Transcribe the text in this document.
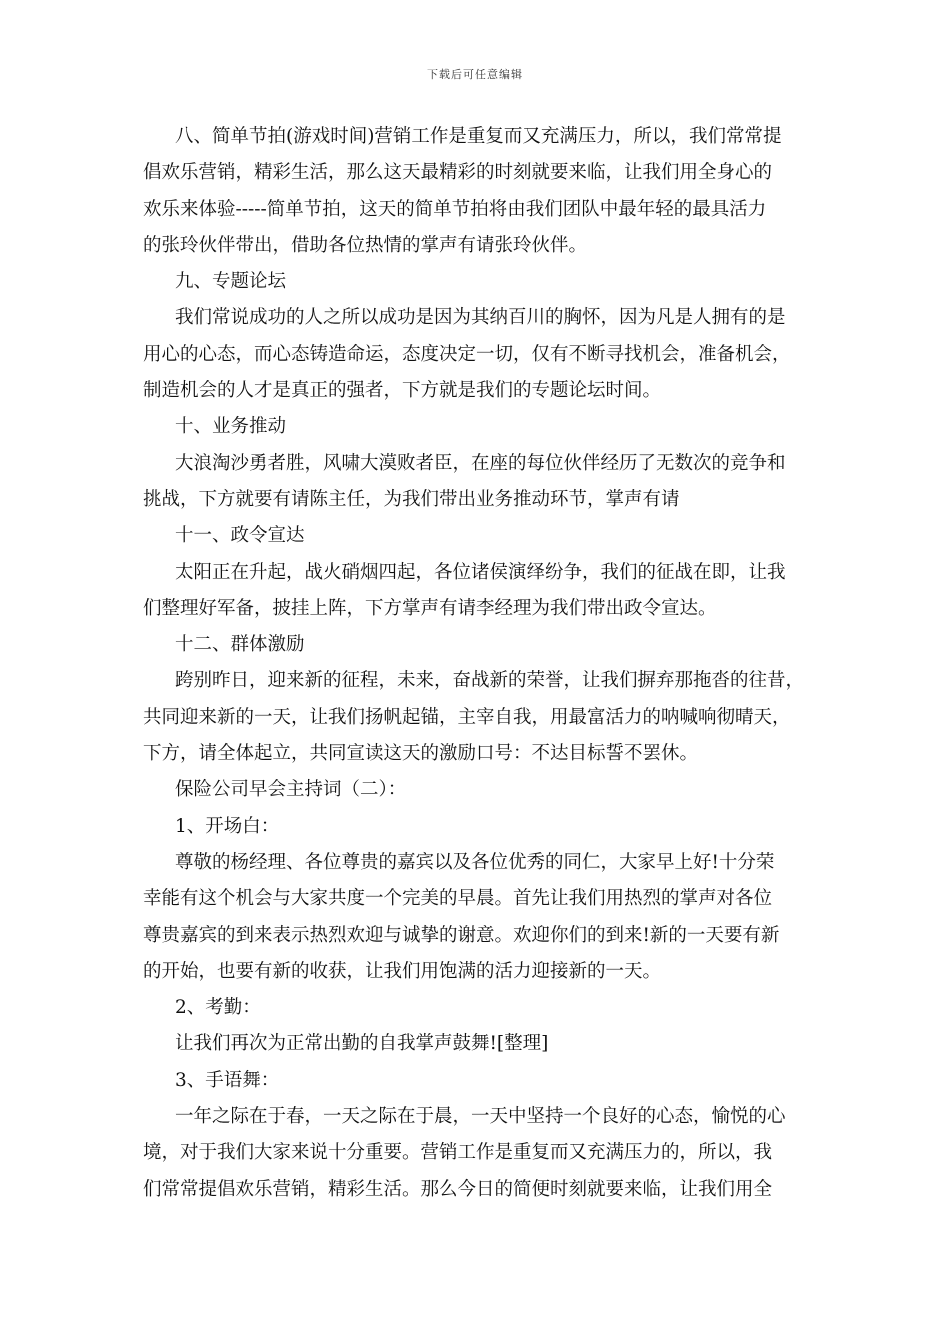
下载后可任意编辑
八、简单节拍(游戏时间)营销工作是重复而又充满压力，所以，我们常常提
倡欢乐营销，精彩生活，那么这天最精彩的时刻就要来临，让我们用全身心的
欢乐来体验-----简单节拍，这天的简单节拍将由我们团队中最年轻的最具活力
的张玲伙伴带出，借助各位热情的掌声有请张玲伙伴。
九、专题论坛
我们常说成功的人之所以成功是因为其纳百川的胸怀，因为凡是人拥有的是
用心的心态，而心态铸造命运，态度决定一切，仅有不断寻找机会，准备机会，
制造机会的人才是真正的强者，下方就是我们的专题论坛时间。
十、业务推动
大浪淘沙勇者胜，风啸大漠败者臣，在座的每位伙伴经历了无数次的竞争和
挑战，下方就要有请陈主任，为我们带出业务推动环节，掌声有请
十一、政令宣达
太阳正在升起，战火硝烟四起，各位诸侯演绎纷争，我们的征战在即，让我
们整理好军备，披挂上阵，下方掌声有请李经理为我们带出政令宣达。
十二、群体激励
跨别昨日，迎来新的征程，未来，奋战新的荣誉，让我们摒弃那拖沓的往昔，
共同迎来新的一天，让我们扬帆起锚，主宰自我，用最富活力的呐喊响彻晴天，
下方，请全体起立，共同宣读这天的激励口号：不达目标誓不罢休。
保险公司早会主持词（二）：
1、开场白：
尊敬的杨经理、各位尊贵的嘉宾以及各位优秀的同仁，大家早上好!十分荣
幸能有这个机会与大家共度一个完美的早晨。首先让我们用热烈的掌声对各位
尊贵嘉宾的到来表示热烈欢迎与诚挚的谢意。欢迎你们的到来!新的一天要有新
的开始，也要有新的收获，让我们用饱满的活力迎接新的一天。
2、考勤：
让我们再次为正常出勤的自我掌声鼓舞![整理]
3、手语舞：
一年之际在于春，一天之际在于晨，一天中坚持一个良好的心态，愉悦的心
境，对于我们大家来说十分重要。营销工作是重复而又充满压力的，所以，我
们常常提倡欢乐营销，精彩生活。那么今日的简便时刻就要来临，让我们用全
